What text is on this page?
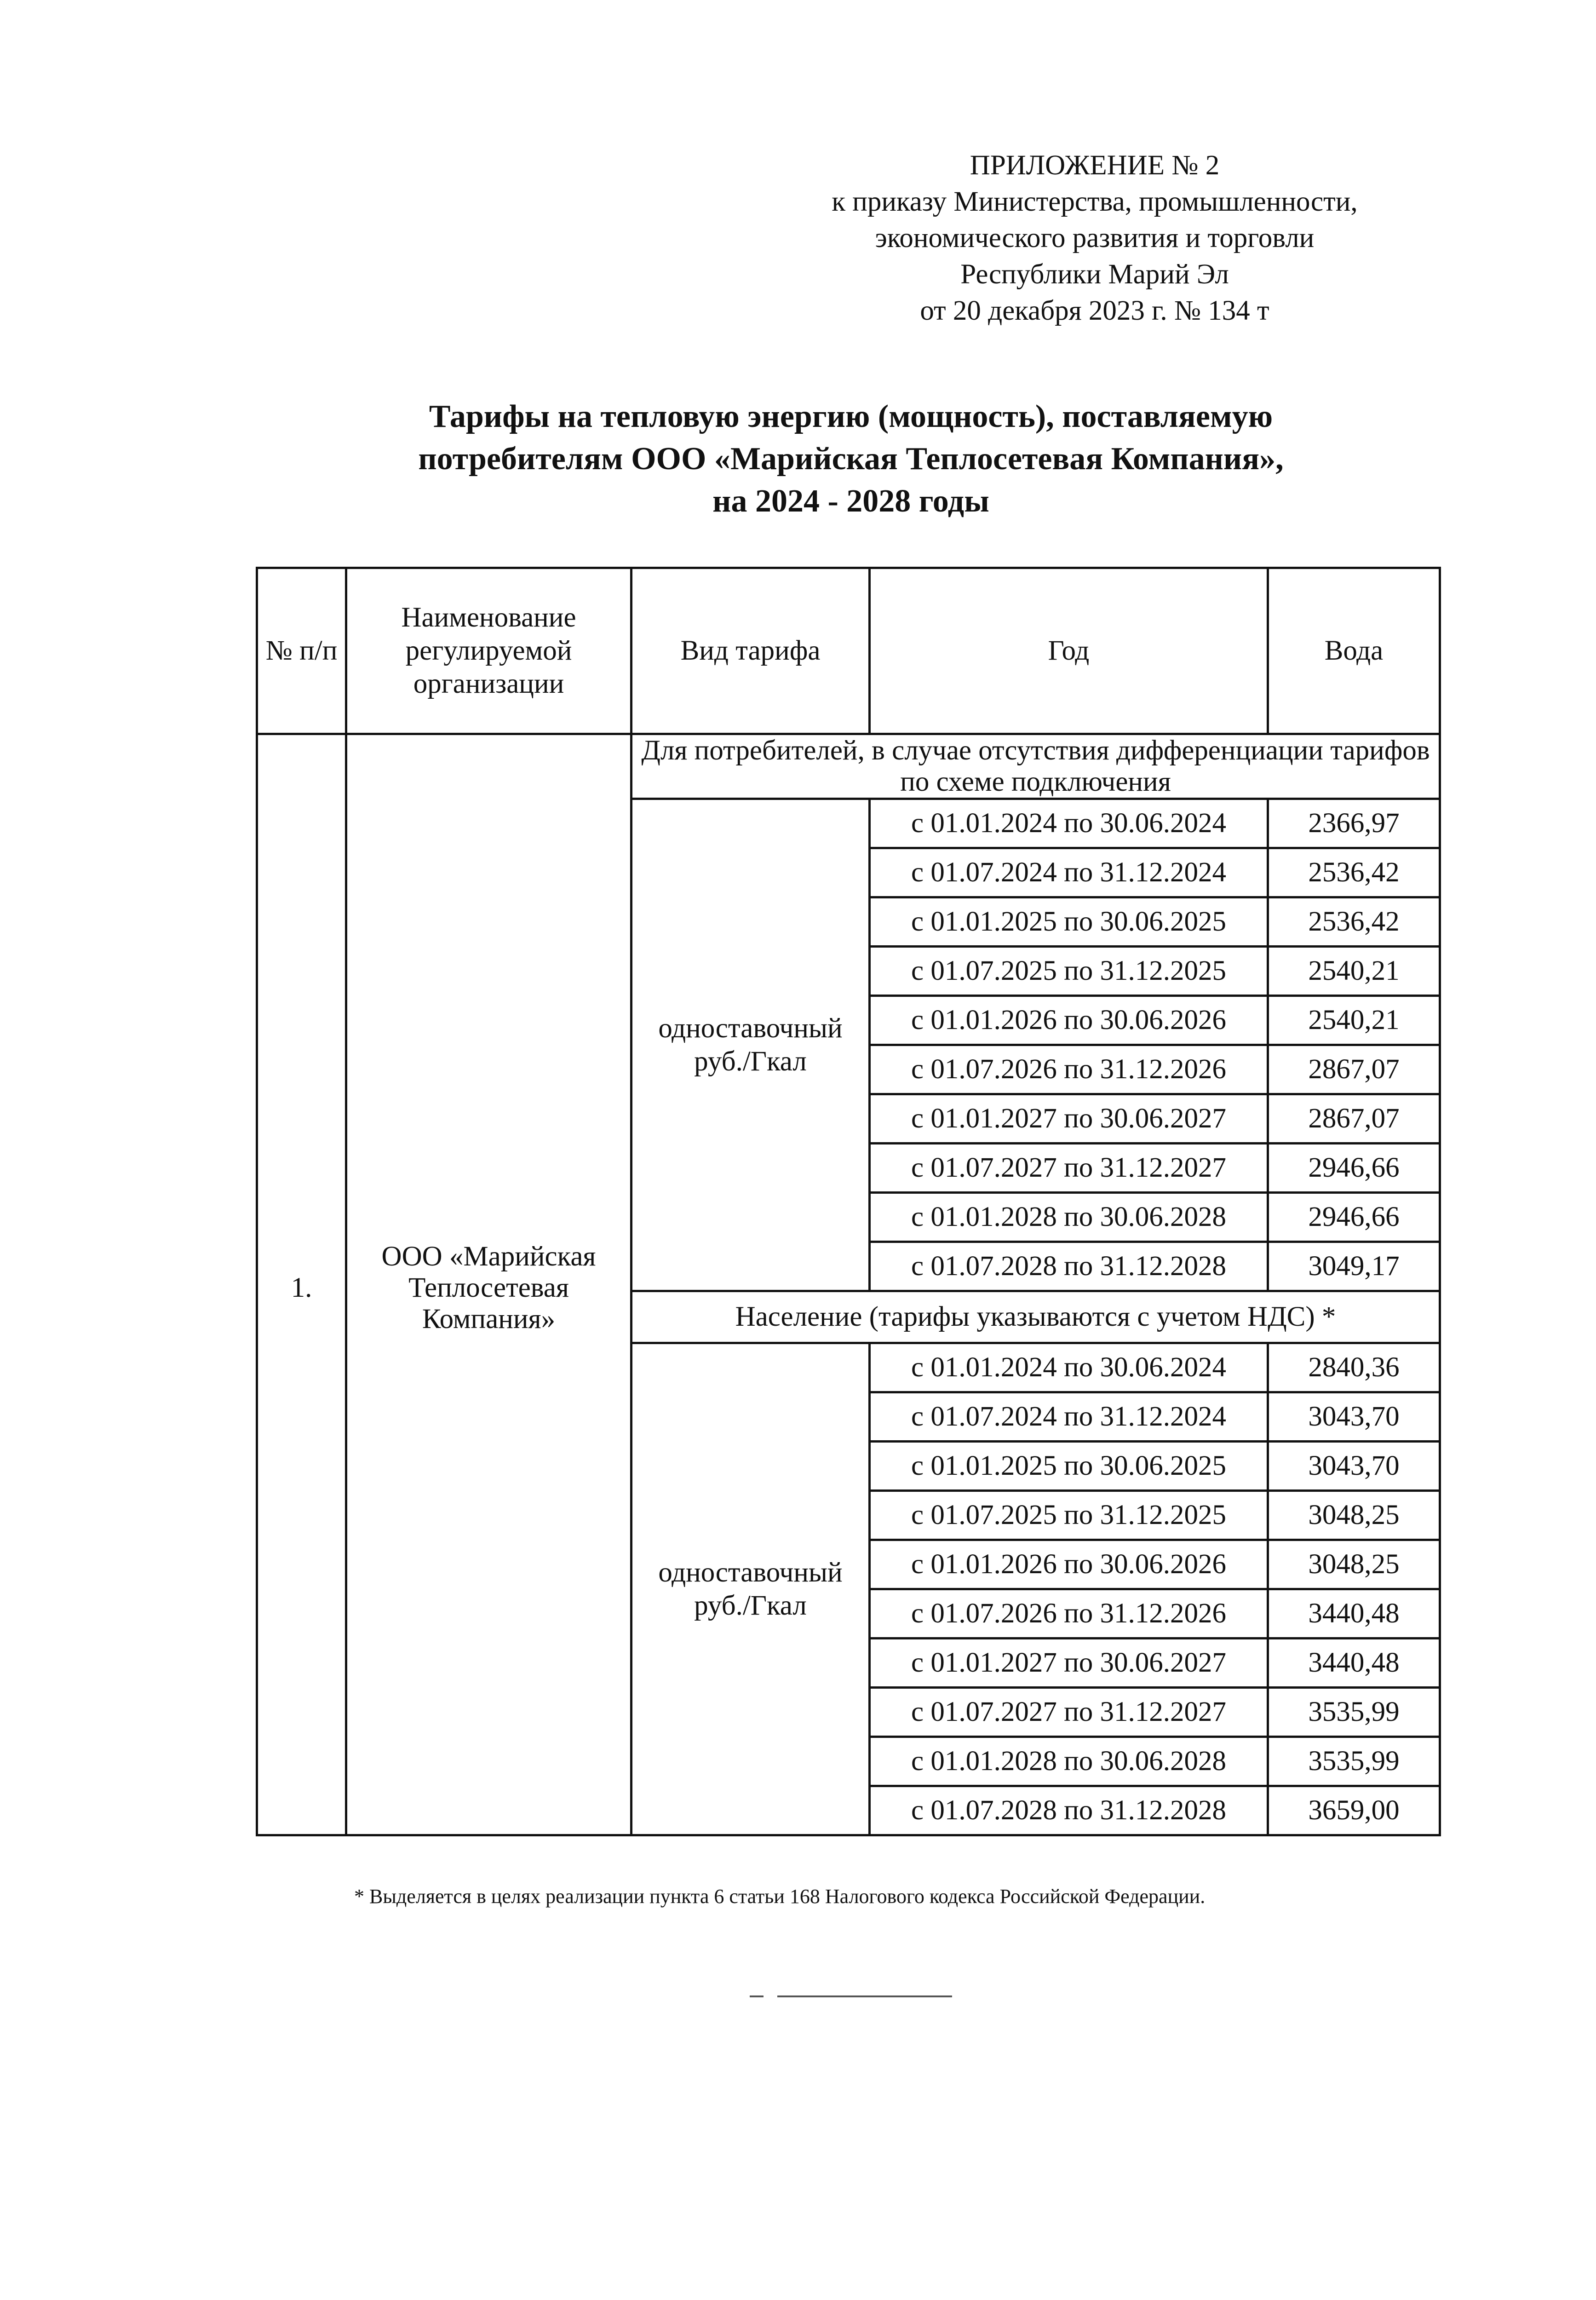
ПРИЛОЖЕНИЕ № 2
к приказу Министерства, промышленности,
экономического развития и торговли
Республики Марий Эл
от 20 декабря 2023 г. № 134 т
Тарифы на тепловую энергию (мощность), поставляемую
потребителям ООО «Марийская Теплосетевая Компания»,
на 2024 - 2028 годы
№ п/п	Наименование регулируемой организации	Вид тарифа	Год	Вода
1.	ООО «Марийская Теплосетевая Компания»	Для потребителей, в случае отсутствия дифференциации тарифов по схеме подключения		
		одноставочный руб./Гкал	с 01.01.2024 по 30.06.2024	2366,97
			с 01.07.2024 по 31.12.2024	2536,42
			с 01.01.2025 по 30.06.2025	2536,42
			с 01.07.2025 по 31.12.2025	2540,21
			с 01.01.2026 по 30.06.2026	2540,21
			с 01.07.2026 по 31.12.2026	2867,07
			с 01.01.2027 по 30.06.2027	2867,07
			с 01.07.2027 по 31.12.2027	2946,66
			с 01.01.2028 по 30.06.2028	2946,66
			с 01.07.2028 по 31.12.2028	3049,17
		Население (тарифы указываются с учетом НДС) *		
		одноставочный руб./Гкал	с 01.01.2024 по 30.06.2024	2840,36
			с 01.07.2024 по 31.12.2024	3043,70
			с 01.01.2025 по 30.06.2025	3043,70
			с 01.07.2025 по 31.12.2025	3048,25
			с 01.01.2026 по 30.06.2026	3048,25
			с 01.07.2026 по 31.12.2026	3440,48
			с 01.01.2027 по 30.06.2027	3440,48
			с 01.07.2027 по 31.12.2027	3535,99
			с 01.01.2028 по 30.06.2028	3535,99
			с 01.07.2028 по 31.12.2028	3659,00
* Выделяется в целях реализации пункта 6 статьи 168 Налогового кодекса Российской Федерации.
